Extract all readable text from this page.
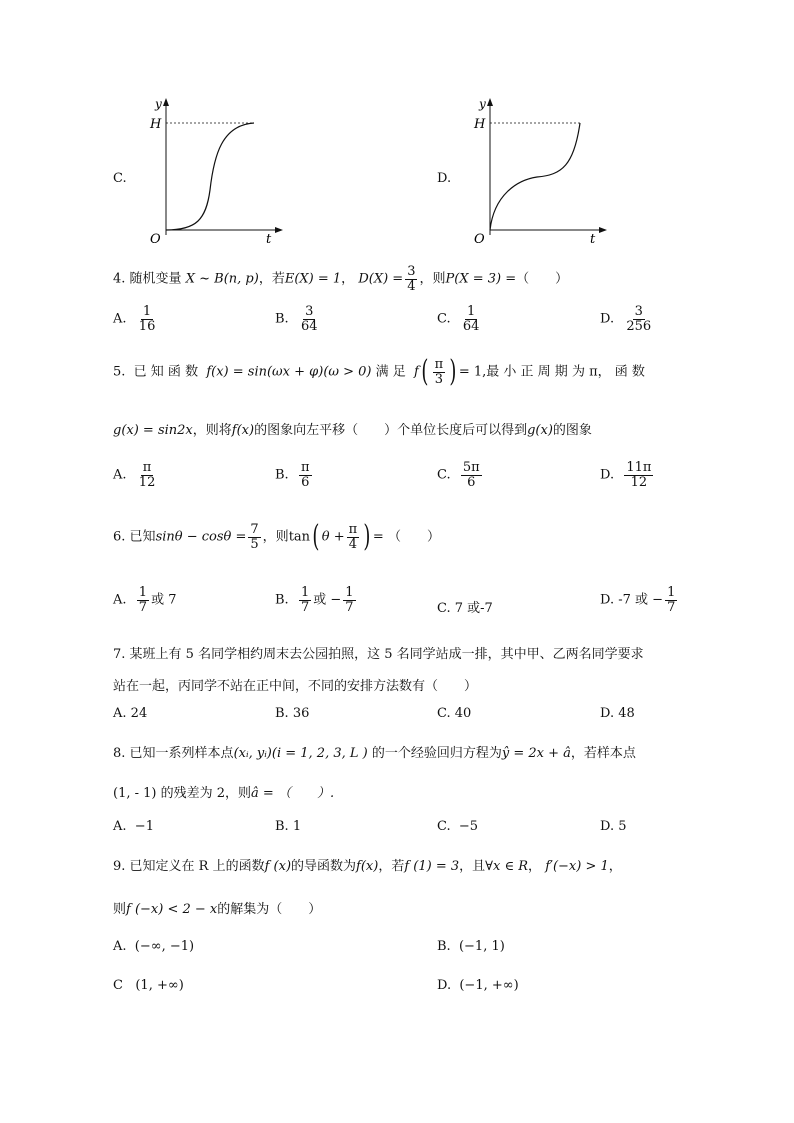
C.
y
H
O	t
D.
y
H
O	t
4. 随机变量 X ~ B(n, p)，若E(X) = 1， $D(X) = \frac{3}{4}$ ，则P(X = 3) =（　　）
A. $\frac{1}{16}$	B. $\frac{3}{64}$	C. $\frac{1}{64}$	D. $\frac{3}{256}$
5. 已 知 函 数 f(x) = sin(ωx + φ)(ω > 0) 满 足 $f( \frac{\pi}{3}$ ) = 1,最 小 正 周 期 为 π， 函 数
g(x) = sin2x，则将f(x)的图象向左平移（　　）个单位长度后可以得到g(x)的图象
A. $\frac{\pi}{12}$	B. $\frac{\pi}{6}$	C. $\frac{5\pi}{6}$	D. $\frac{11\pi}{12}$
6. 已知$\sin\theta - \cos\theta = \frac{7}{5}$ ，则tan( $\theta + \frac{\pi}{4}$ ) = （　　）
A. $\frac{1}{7}$ 或 7	B. $\frac{1}{7}$ 或 − $\frac{1}{7}$	C. 7 或-7
D. -7 或 − $\frac{1}{7}$
7. 某班上有 5 名同学相约周末去公园拍照，这 5 名同学站成一排，其中甲、乙两名同学要求
站在一起，丙同学不站在正中间，不同的安排方法数有（　　）
A. 24	B. 36	C. 40	D. 48
8. 已知一系列样本点(xᵢ, yᵢ)(i = 1, 2, 3, L ) 的一个经验回归方程为ŷ = 2x + â，若样本点
(1, - 1) 的残差为 2，则â = （　　）.
A. −1	B. 1	C. −5	D. 5
9. 已知定义在 R 上的函数f (x)的导函数为f(x)，若f (1) = 3，且∀x ∈ R， f′(−x) > 1，
则f (−x) < 2 − x的解集为（　　）
A. (−∞, −1)	B. (−1, 1)
C (1, +∞)	D. (−1, +∞)
